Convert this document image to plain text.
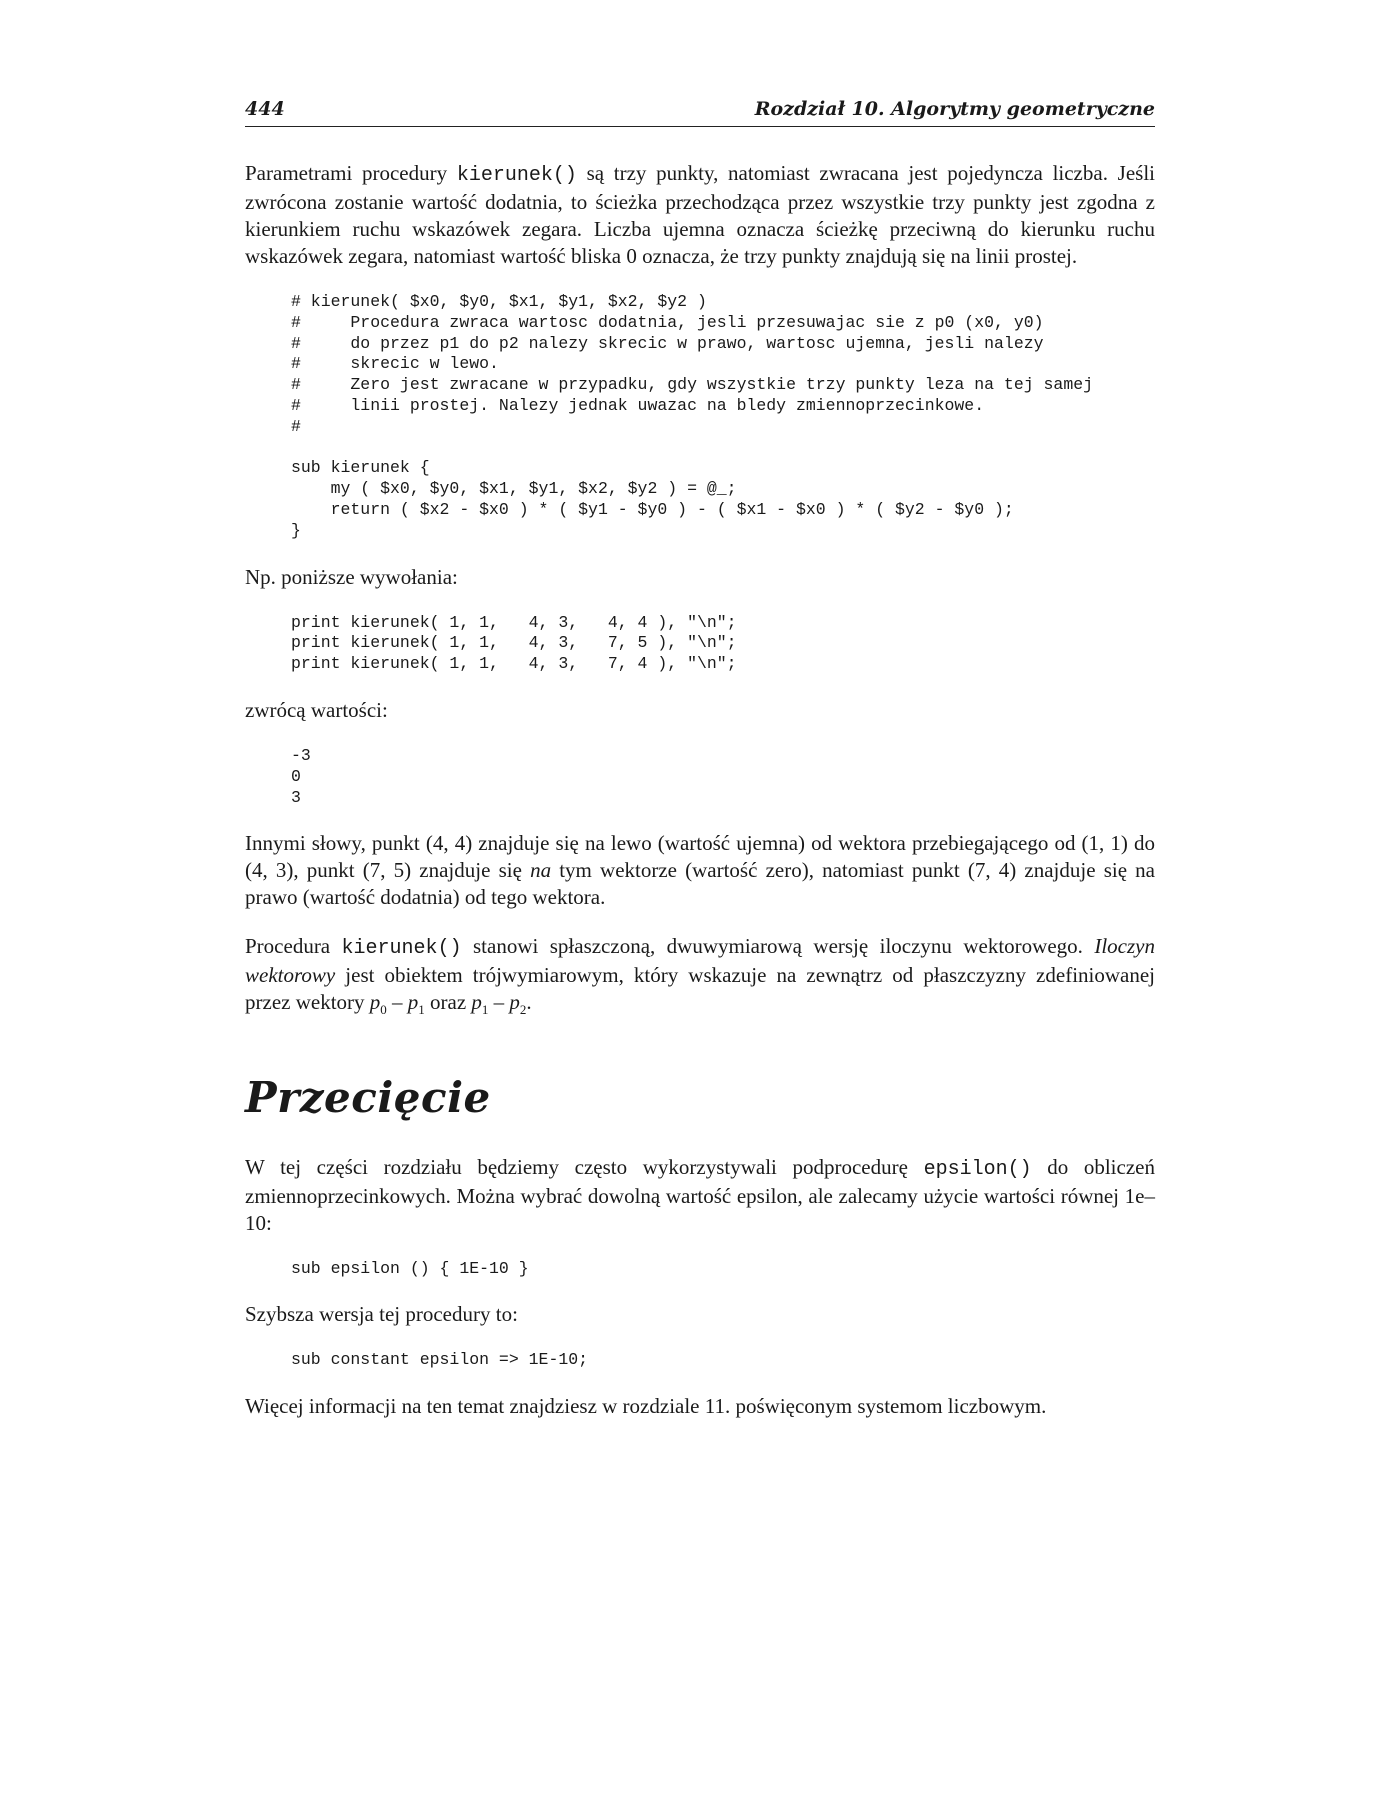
444	Rozdział 10. Algorytmy geometryczne

Parametrami procedury kierunek() są trzy punkty, natomiast zwracana jest pojedyncza liczba. Jeśli zwrócona zostanie wartość dodatnia, to ścieżka przechodząca przez wszystkie trzy punkty jest zgodna z kierunkiem ruchu wskazówek zegara. Liczba ujemna oznacza ścieżkę przeciwną do kierunku ruchu wskazówek zegara, natomiast wartość bliska 0 oznacza, że trzy punkty znajdują się na linii prostej.

# kierunek( $x0, $y0, $x1, $y1, $x2, $y2 )
#     Procedura zwraca wartosc dodatnia, jesli przesuwajac sie z p0 (x0, y0)
#     do przez p1 do p2 nalezy skrecic w prawo, wartosc ujemna, jesli nalezy
#     skrecic w lewo.
#     Zero jest zwracane w przypadku, gdy wszystkie trzy punkty leza na tej samej
#     linii prostej. Nalezy jednak uwazac na bledy zmiennoprzecinkowe.
#

sub kierunek {
my ( $x0, $y0, $x1, $y1, $x2, $y2 ) = @_;
return ( $x2 - $x0 ) * ( $y1 - $y0 ) - ( $x1 - $x0 ) * ( $y2 - $y0 );
}

Np. poniższe wywołania:

print kierunek( 1, 1,   4, 3,   4, 4 ), "\n";
print kierunek( 1, 1,   4, 3,   7, 5 ), "\n";
print kierunek( 1, 1,   4, 3,   7, 4 ), "\n";

zwrócą wartości:

-3
0
3

Innymi słowy, punkt (4, 4) znajduje się na lewo (wartość ujemna) od wektora przebiegającego od (1, 1) do (4, 3), punkt (7, 5) znajduje się na tym wektorze (wartość zero), natomiast punkt (7, 4) znajduje się na prawo (wartość dodatnia) od tego wektora.

Procedura kierunek() stanowi spłaszczoną, dwuwymiarową wersję iloczynu wektorowego. Iloczyn wektorowy jest obiektem trójwymiarowym, który wskazuje na zewnątrz od płaszczyzny zdefiniowanej przez wektory $p_0 - p_1$ oraz $p_1 - p_2$.

Przecięcie

W tej części rozdziału będziemy często wykorzystywali podprocedurę epsilon() do obliczeń zmiennoprzecinkowych. Można wybrać dowolną wartość epsilon, ale zalecamy użycie wartości równej 1e–10:

sub epsilon () { 1E-10 }

Szybsza wersja tej procedury to:

sub constant epsilon => 1E-10;

Więcej informacji na ten temat znajdziesz w rozdziale 11. poświęconym systemom liczbowym.
